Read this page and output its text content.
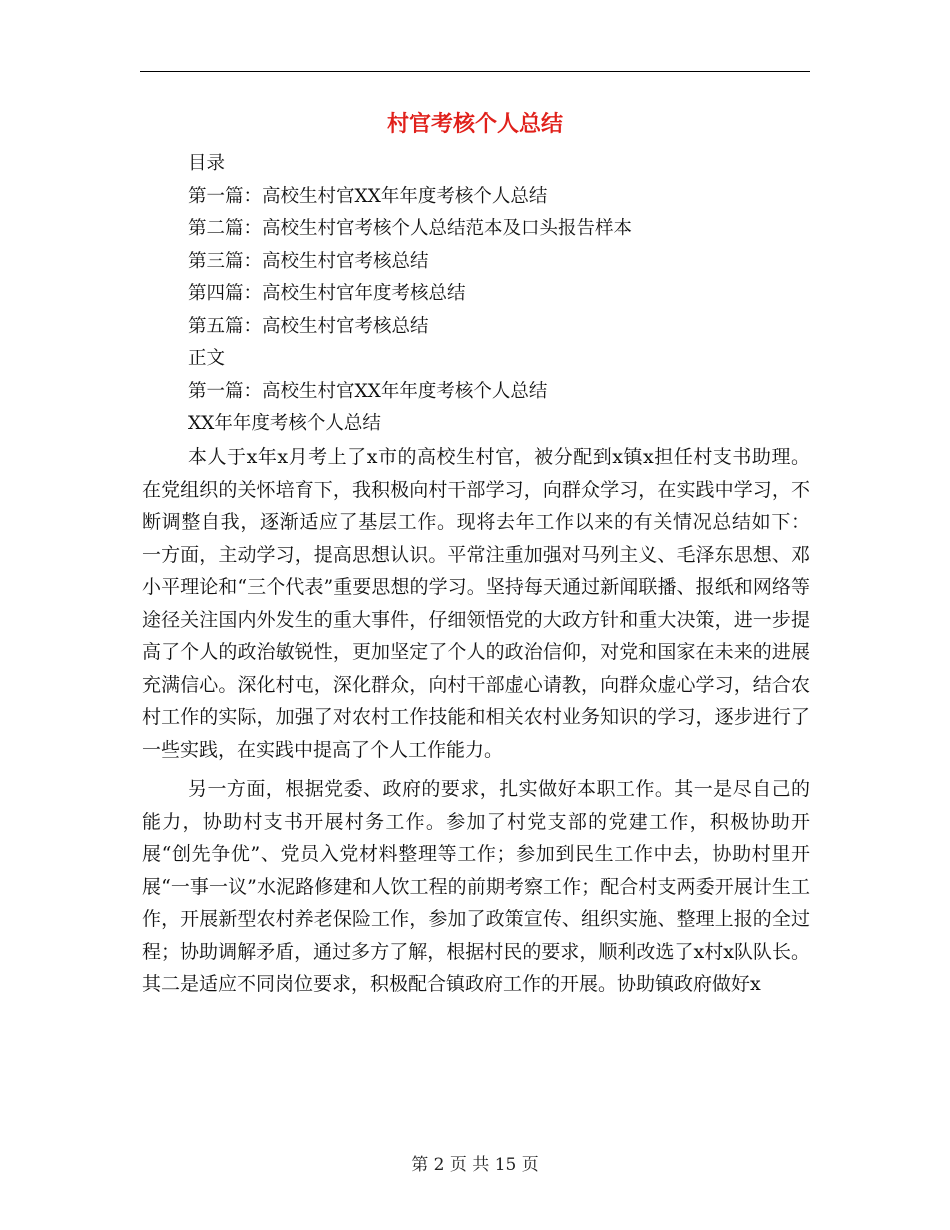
村官考核个人总结
目录
第一篇：高校生村官XX年年度考核个人总结
第二篇：高校生村官考核个人总结范本及口头报告样本
第三篇：高校生村官考核总结
第四篇：高校生村官年度考核总结
第五篇：高校生村官考核总结
正文
第一篇：高校生村官XX年年度考核个人总结
XX年年度考核个人总结

本人于x年x月考上了x市的高校生村官，被分配到x镇x担任村支书助理。在党组织的关怀培育下，我积极向村干部学习，向群众学习，在实践中学习，不断调整自我，逐渐适应了基层工作。现将去年工作以来的有关情况总结如下： 一方面，主动学习，提高思想认识。平常注重加强对马列主义、毛泽东思想、邓小平理论和“三个代表”重要思想的学习。坚持每天通过新闻联播、报纸和网络等途径关注国内外发生的重大事件，仔细领悟党的大政方针和重大决策，进一步提高了个人的政治敏锐性，更加坚定了个人的政治信仰，对党和国家在未来的进展充满信心。深化村屯，深化群众，向村干部虚心请教，向群众虚心学习，结合农村工作的实际，加强了对农村工作技能和相关农村业务知识的学习，逐步进行了一些实践，在实践中提高了个人工作能力。

另一方面，根据党委、政府的要求，扎实做好本职工作。其一是尽自己的能力，协助村支书开展村务工作。参加了村党支部的党建工作，积极协助开展“创先争优”、党员入党材料整理等工作；参加到民生工作中去，协助村里开展“一事一议”水泥路修建和人饮工程的前期考察工作；配合村支两委开展计生工作，开展新型农村养老保险工作，参加了政策宣传、组织实施、整理上报的全过程；协助调解矛盾，通过多方了解，根据村民的要求，顺利改选了x村x队队长。其二是适应不同岗位要求，积极配合镇政府工作的开展。协助镇政府做好x

第 2 页 共 15 页
